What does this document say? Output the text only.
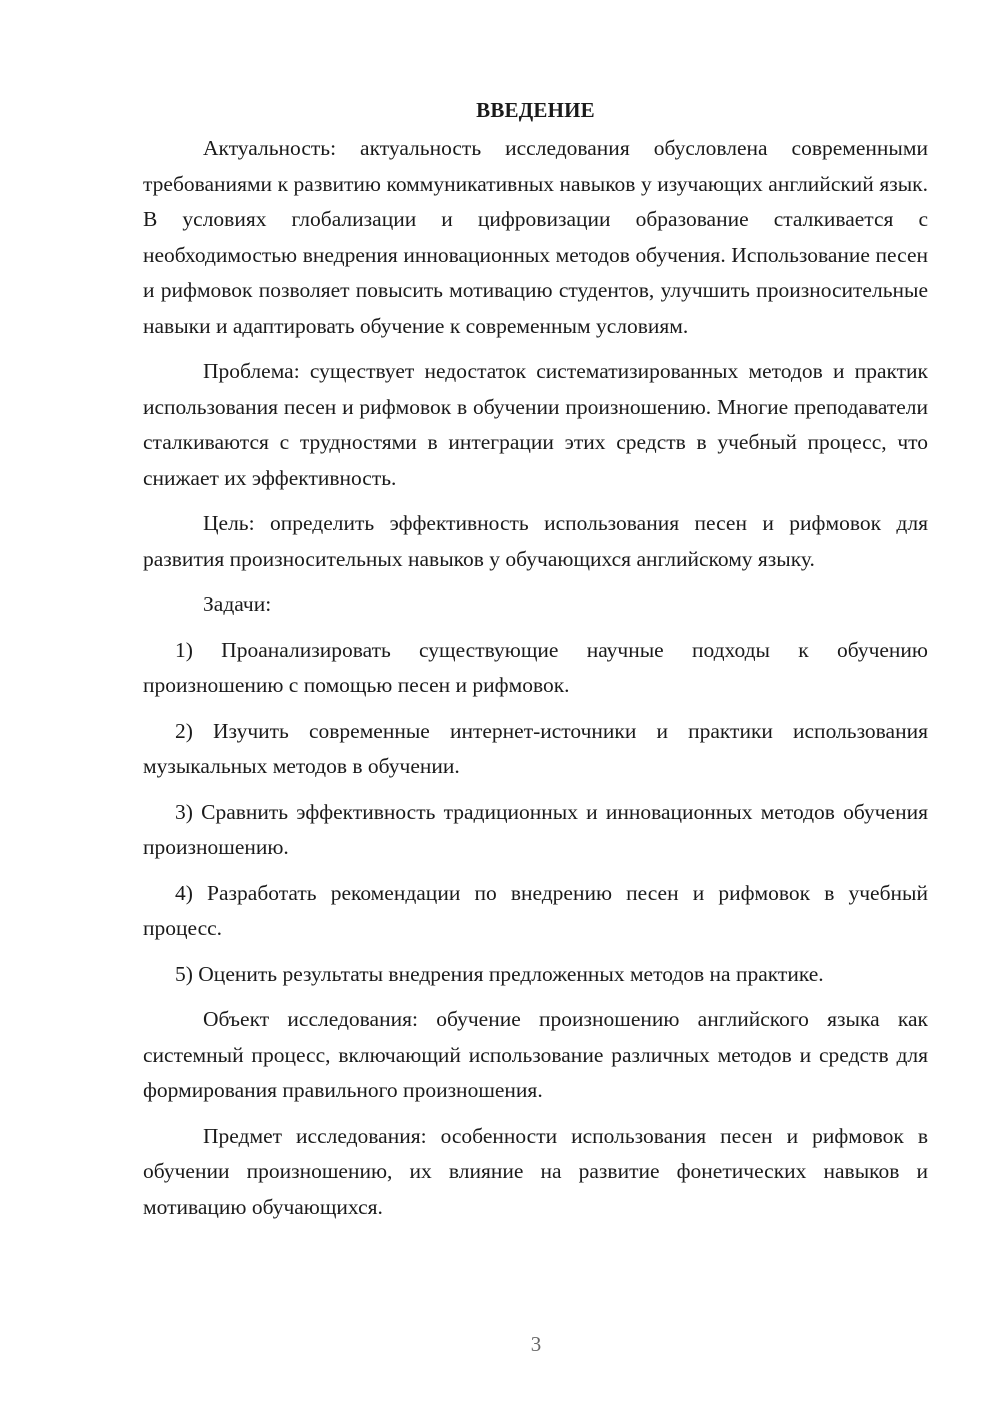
ВВЕДЕНИЕ

Актуальность: актуальность исследования обусловлена современными требованиями к развитию коммуникативных навыков у изучающих английский язык. В условиях глобализации и цифровизации образование сталкивается с необходимостью внедрения инновационных методов обучения. Использование песен и рифмовок позволяет повысить мотивацию студентов, улучшить произносительные навыки и адаптировать обучение к современным условиям.

Проблема: существует недостаток систематизированных методов и практик использования песен и рифмовок в обучении произношению. Многие преподаватели сталкиваются с трудностями в интеграции этих средств в учебный процесс, что снижает их эффективность.

Цель: определить эффективность использования песен и рифмовок для развития произносительных навыков у обучающихся английскому языку.

Задачи:

1) Проанализировать существующие научные подходы к обучению произношению с помощью песен и рифмовок.

2) Изучить современные интернет-источники и практики использования музыкальных методов в обучении.

3) Сравнить эффективность традиционных и инновационных методов обучения произношению.

4) Разработать рекомендации по внедрению песен и рифмовок в учебный процесс.

5) Оценить результаты внедрения предложенных методов на практике.

Объект исследования: обучение произношению английского языка как системный процесс, включающий использование различных методов и средств для формирования правильного произношения.

Предмет исследования: особенности использования песен и рифмовок в обучении произношению, их влияние на развитие фонетических навыков и мотивацию обучающихся.

3
